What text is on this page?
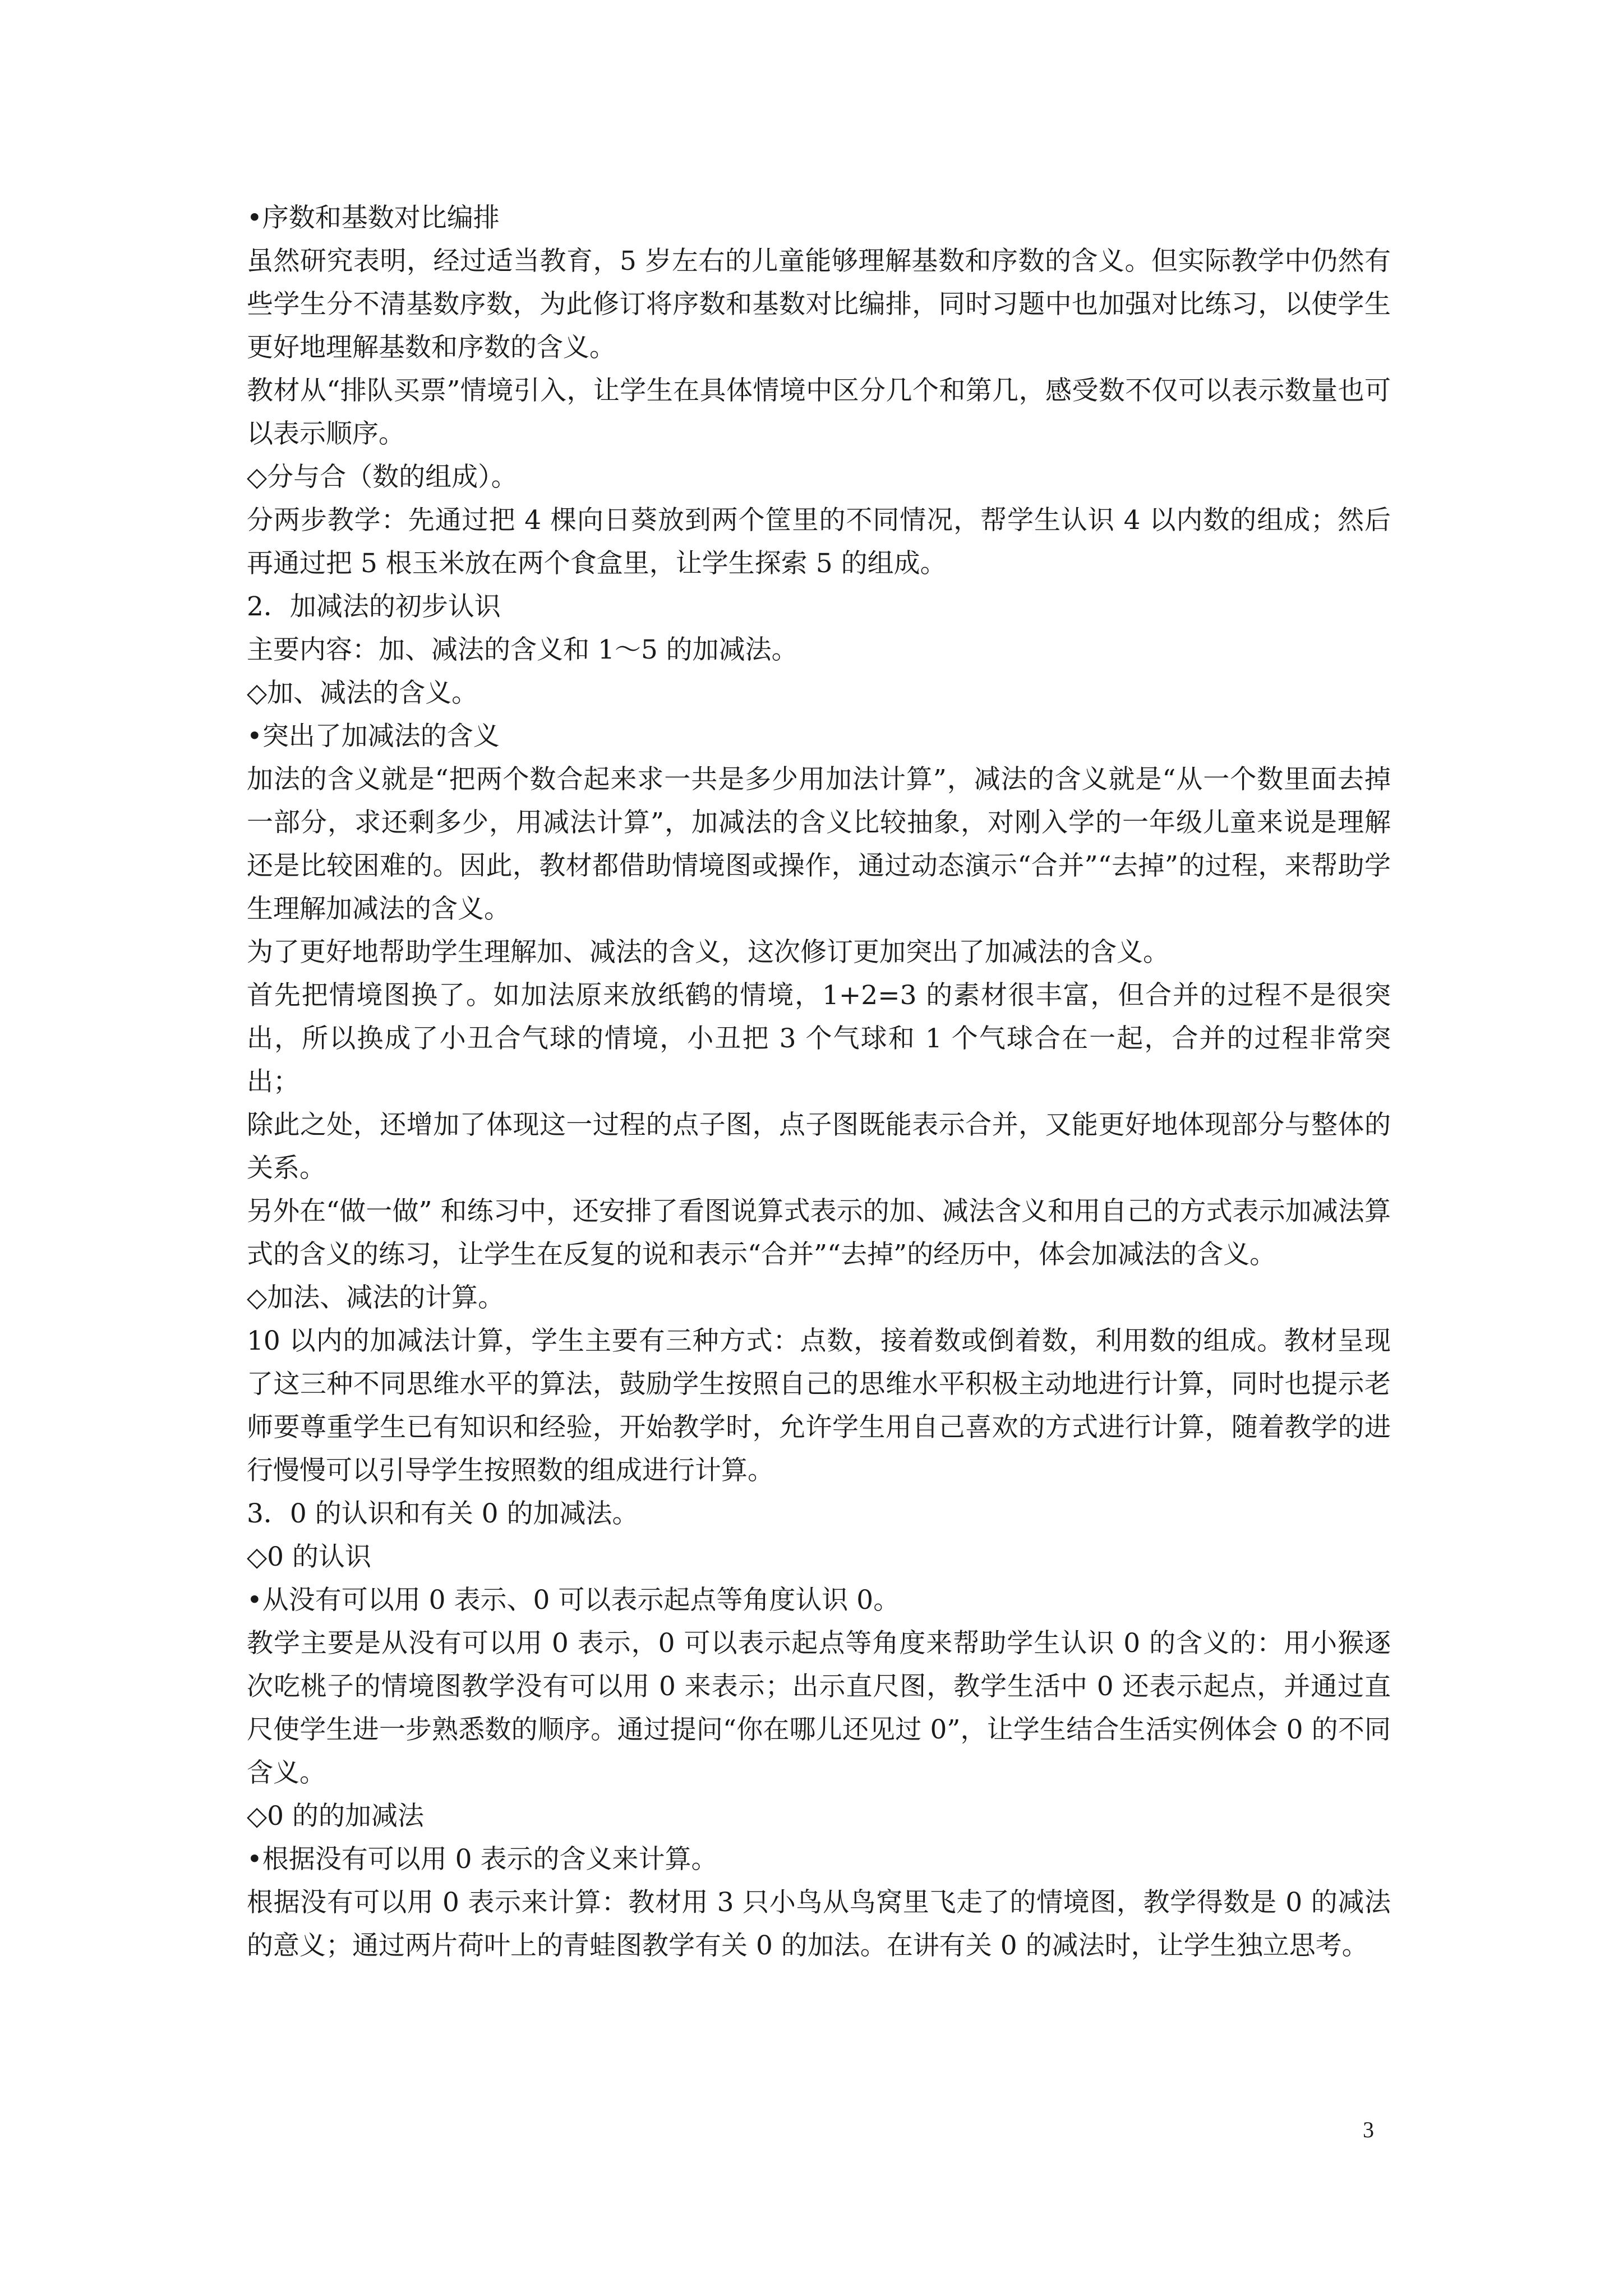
•序数和基数对比编排

虽然研究表明，经过适当教育，5 岁左右的儿童能够理解基数和序数的含义。但实际教学中仍然有些学生分不清基数序数，为此修订将序数和基数对比编排，同时习题中也加强对比练习，以使学生更好地理解基数和序数的含义。

教材从“排队买票”情境引入，让学生在具体情境中区分几个和第几，感受数不仅可以表示数量也可以表示顺序。

◇分与合（数的组成）。

分两步教学：先通过把 4 棵向日葵放到两个筐里的不同情况，帮学生认识 4 以内数的组成；然后再通过把 5 根玉米放在两个食盒里，让学生探索 5 的组成。

2．加减法的初步认识

主要内容：加、减法的含义和 1～5 的加减法。

◇加、减法的含义。

•突出了加减法的含义

加法的含义就是“把两个数合起来求一共是多少用加法计算”，减法的含义就是“从一个数里面去掉一部分，求还剩多少，用减法计算”，加减法的含义比较抽象，对刚入学的一年级儿童来说是理解还是比较困难的。因此，教材都借助情境图或操作，通过动态演示“合并”“去掉”的过程，来帮助学生理解加减法的含义。

为了更好地帮助学生理解加、减法的含义，这次修订更加突出了加减法的含义。

首先把情境图换了。如加法原来放纸鹤的情境，1+2=3 的素材很丰富，但合并的过程不是很突出，所以换成了小丑合气球的情境，小丑把 3 个气球和 1 个气球合在一起，合并的过程非常突出；

除此之处，还增加了体现这一过程的点子图，点子图既能表示合并，又能更好地体现部分与整体的关系。

另外在“做一做” 和练习中，还安排了看图说算式表示的加、减法含义和用自己的方式表示加减法算式的含义的练习，让学生在反复的说和表示“合并”“去掉”的经历中，体会加减法的含义。

◇加法、减法的计算。

10 以内的加减法计算，学生主要有三种方式：点数，接着数或倒着数，利用数的组成。教材呈现了这三种不同思维水平的算法，鼓励学生按照自己的思维水平积极主动地进行计算，同时也提示老师要尊重学生已有知识和经验，开始教学时，允许学生用自己喜欢的方式进行计算，随着教学的进行慢慢可以引导学生按照数的组成进行计算。

3．0 的认识和有关 0 的加减法。

◇0 的认识

•从没有可以用 0 表示、0 可以表示起点等角度认识 0。

教学主要是从没有可以用 0 表示，0 可以表示起点等角度来帮助学生认识 0 的含义的：用小猴逐次吃桃子的情境图教学没有可以用 0 来表示；出示直尺图，教学生活中 0 还表示起点，并通过直尺使学生进一步熟悉数的顺序。通过提问“你在哪儿还见过 0”，让学生结合生活实例体会 0 的不同含义。

◇0 的的加减法

•根据没有可以用 0 表示的含义来计算。

根据没有可以用 0 表示来计算：教材用 3 只小鸟从鸟窝里飞走了的情境图，教学得数是 0 的减法的意义；通过两片荷叶上的青蛙图教学有关 0 的加法。在讲有关 0 的减法时，让学生独立思考。

3
